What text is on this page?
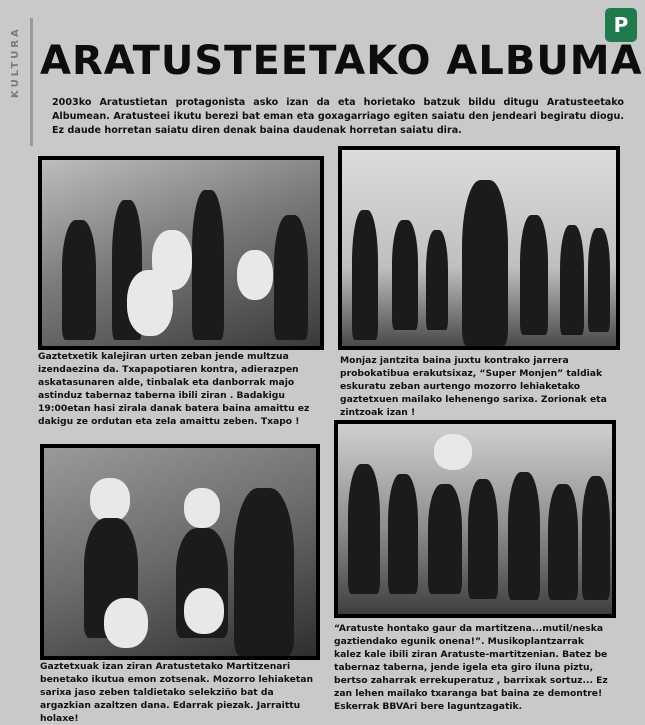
KULTURA
P
ARATUSTEETAKO ALBUMA
2003ko Aratustietan protagonista asko izan da eta horietako batzuk bildu ditugu Aratusteetako Albumean. Aratusteei ikutu berezi bat eman eta goxagarriago egiten saiatu den jendeari begiratu diogu. Ez daude horretan saiatu diren denak baina daudenak horretan saiatu dira.
Gaztetxetik kalejiran urten zeban jende multzua izendaezina da. Txapapotiaren kontra, adierazpen askatasunaren alde, tinbalak eta danborrak majo astinduz tabernaz taberna ibili ziran . Badakigu 19:00etan hasi zirala danak batera baina amaittu ez dakigu ze ordutan eta zela amaittu zeben. Txapo !
Monjaz jantzita baina juxtu kontrako jarrera probokatibua erakutsixaz, “Super Monjen” taldiak eskuratu zeban aurtengo mozorro lehiaketako gaztetxuen mailako lehenengo sarixa. Zorionak eta zintzoak izan !
Gaztetxuak izan ziran Aratustetako Martitzenari benetako ikutua emon zotsenak. Mozorro lehiaketan sarixa jaso zeben taldietako selekziño bat da argazkian azaltzen dana. Edarrak piezak. Jarraittu holaxe!
“Aratuste hontako gaur da martitzena...mutil/neska gaztiendako egunik onena!”. Musikoplantzarrak kalez kale ibili ziran Aratuste-martitzenian. Batez be tabernaz taberna, jende igela eta giro iluna piztu, bertso zaharrak errekuperatuz , barrixak sortuz... Ez zan lehen mailako txaranga bat baina ze demontre! Eskerrak BBVAri bere laguntzagatik.
